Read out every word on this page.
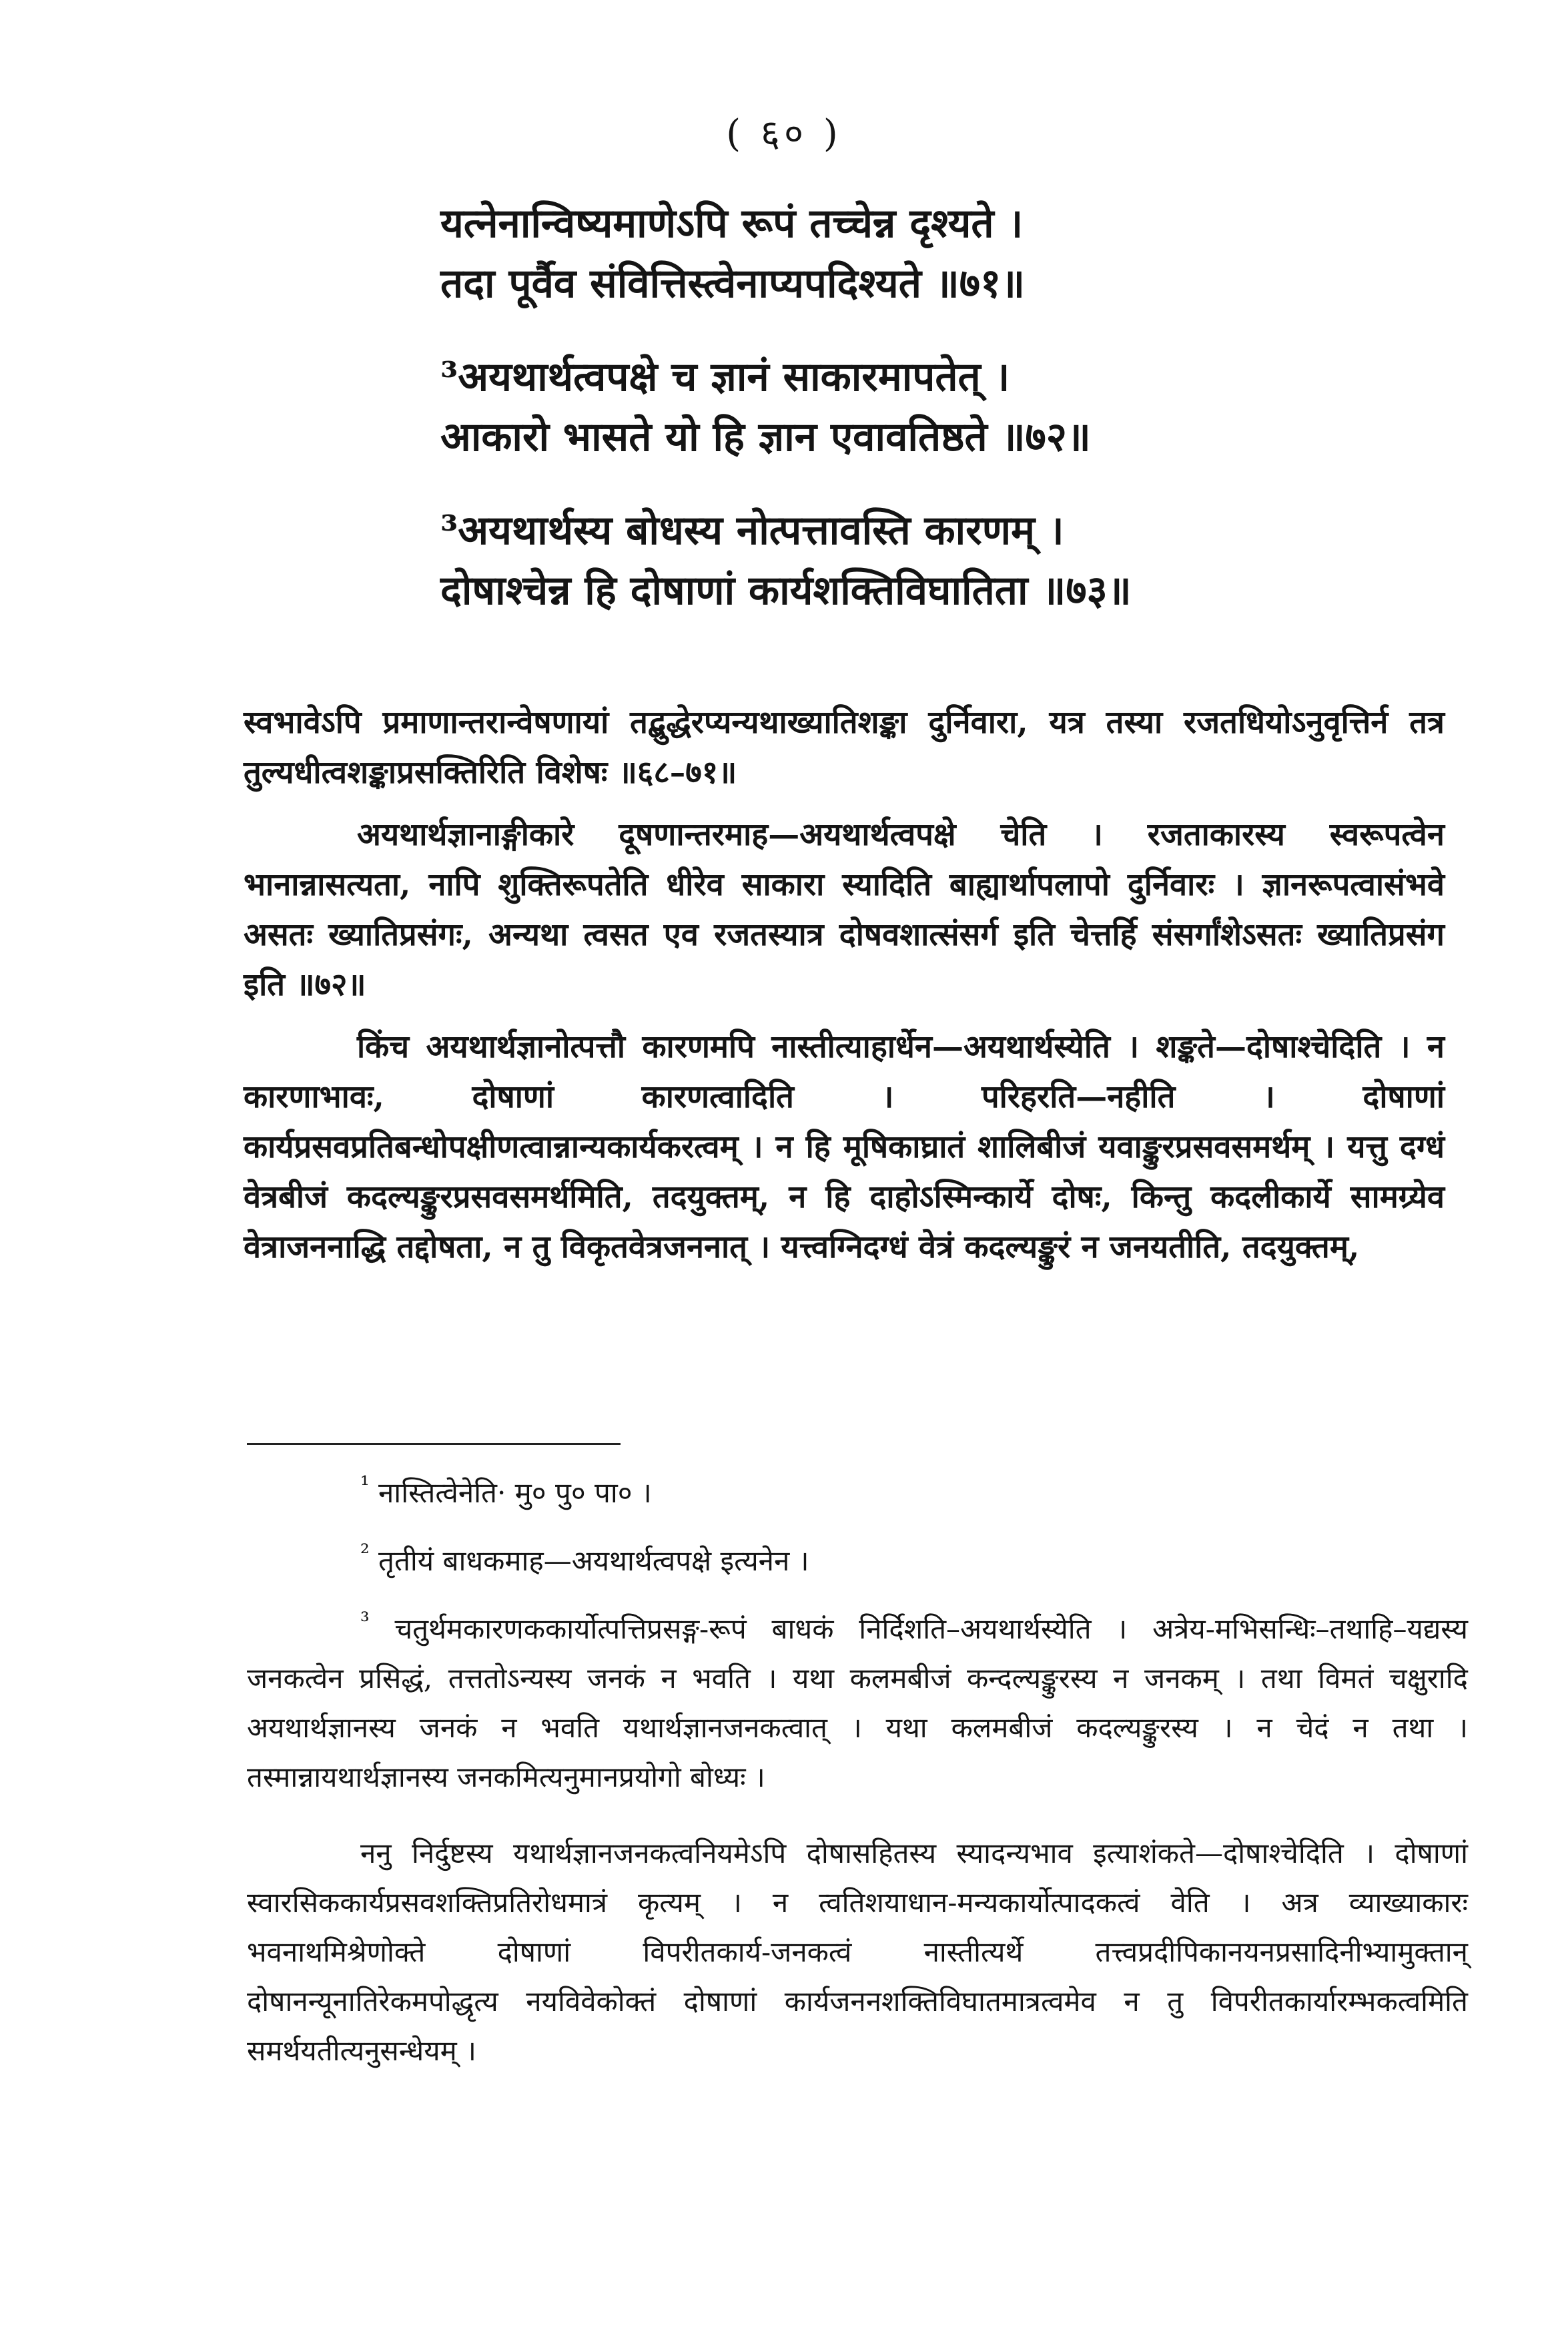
( ६० )

यत्नेनान्विष्यमाणेऽपि रूपं तच्चेन्न दृश्यते ।

तदा पूर्वैव संवित्तिस्त्वेनाप्यपदिश्यते ॥७१॥

³अयथार्थत्वपक्षे च ज्ञानं साकारमापतेत् ।

आकारो भासते यो हि ज्ञान एवावतिष्ठते ॥७२॥

³अयथार्थस्य बोधस्य नोत्पत्तावस्ति कारणम् ।

दोषाश्चेन्न हि दोषाणां कार्यशक्तिविघातिता ॥७३॥

स्वभावेऽपि प्रमाणान्तरान्वेषणायां तद्बुद्धेरप्यन्यथाख्यातिशङ्का दुर्निवारा, यत्र तस्या रजतधियोऽनुवृत्तिर्न तत्र तुल्यधीत्वशङ्काप्रसक्तिरिति विशेषः ॥६८–७१॥

अयथार्थज्ञानाङ्गीकारे दूषणान्तरमाह—अयथार्थत्वपक्षे चेति । रजताकारस्य स्वरूपत्वेन भानान्नासत्यता, नापि शुक्तिरूपतेति धीरेव साकारा स्यादिति बाह्यार्थापलापो दुर्निवारः । ज्ञानरूपत्वासंभवे असतः ख्यातिप्रसंगः, अन्यथा त्वसत एव रजतस्यात्र दोषवशात्संसर्ग इति चेत्तर्हि संसर्गांशेऽसतः ख्यातिप्रसंग इति ॥७२॥

किंच अयथार्थज्ञानोत्पत्तौ कारणमपि नास्तीत्याहार्धेन—अयथार्थस्येति । शङ्कते—दोषाश्चेदिति । न कारणाभावः, दोषाणां कारणत्वादिति । परिहरति—नहीति । दोषाणां कार्यप्रसवप्रतिबन्धोपक्षीणत्वान्नान्यकार्यकरत्वम् । न हि मूषिकाघ्रातं शालिबीजं यवाङ्कुरप्रसवसमर्थम् । यत्तु दग्धं वेत्रबीजं कदल्यङ्कुरप्रसवसमर्थमिति, तदयुक्तम्, न हि दाहोऽस्मिन्कार्ये दोषः, किन्तु कदलीकार्ये सामग्र्येव वेत्राजननाद्धि तद्दोषता, न तु विकृतवेत्रजननात् । यत्त्वग्निदग्धं वेत्रं कदल्यङ्कुरं न जनयतीति, तदयुक्तम्,

$^{^1}$ नास्तित्वेनेति· मु० पु० पा० ।

$^{^2}$ तृतीयं बाधकमाह—अयथार्थत्वपक्षे इत्यनेन ।

$^{^3}$ चतुर्थमकारणककार्योत्पत्तिप्रसङ्ग-रूपं बाधकं निर्दिशति–अयथार्थस्येति । अत्रेय-मभिसन्धिः–तथाहि–यद्यस्य जनकत्वेन प्रसिद्धं, तत्ततोऽन्यस्य जनकं न भवति । यथा कलमबीजं कन्दल्यङ्कुरस्य न जनकम् । तथा विमतं चक्षुरादि अयथार्थज्ञानस्य जनकं न भवति यथार्थज्ञानजनकत्वात् । यथा कलमबीजं कदल्यङ्कुरस्य । न चेदं न तथा । तस्मान्नायथार्थज्ञानस्य जनकमित्यनुमानप्रयोगो बोध्यः ।

ननु निर्दुष्टस्य यथार्थज्ञानजनकत्वनियमेऽपि दोषासहितस्य स्यादन्यभाव इत्याशंकते—दोषाश्चेदिति । दोषाणां स्वारसिककार्यप्रसवशक्तिप्रतिरोधमात्रं कृत्यम् । न त्वतिशयाधान-मन्यकार्योत्पादकत्वं वेति । अत्र व्याख्याकारः भवनाथमिश्रेणोक्ते दोषाणां विपरीतकार्य-जनकत्वं नास्तीत्यर्थे तत्त्वप्रदीपिकानयनप्रसादिनीभ्यामुक्तान् दोषानन्यूनातिरेकमपोद्धृत्य नयविवेकोक्तं दोषाणां कार्यजननशक्तिविघातमात्रत्वमेव न तु विपरीतकार्यारम्भकत्वमिति समर्थयतीत्यनुसन्धेयम् ।
